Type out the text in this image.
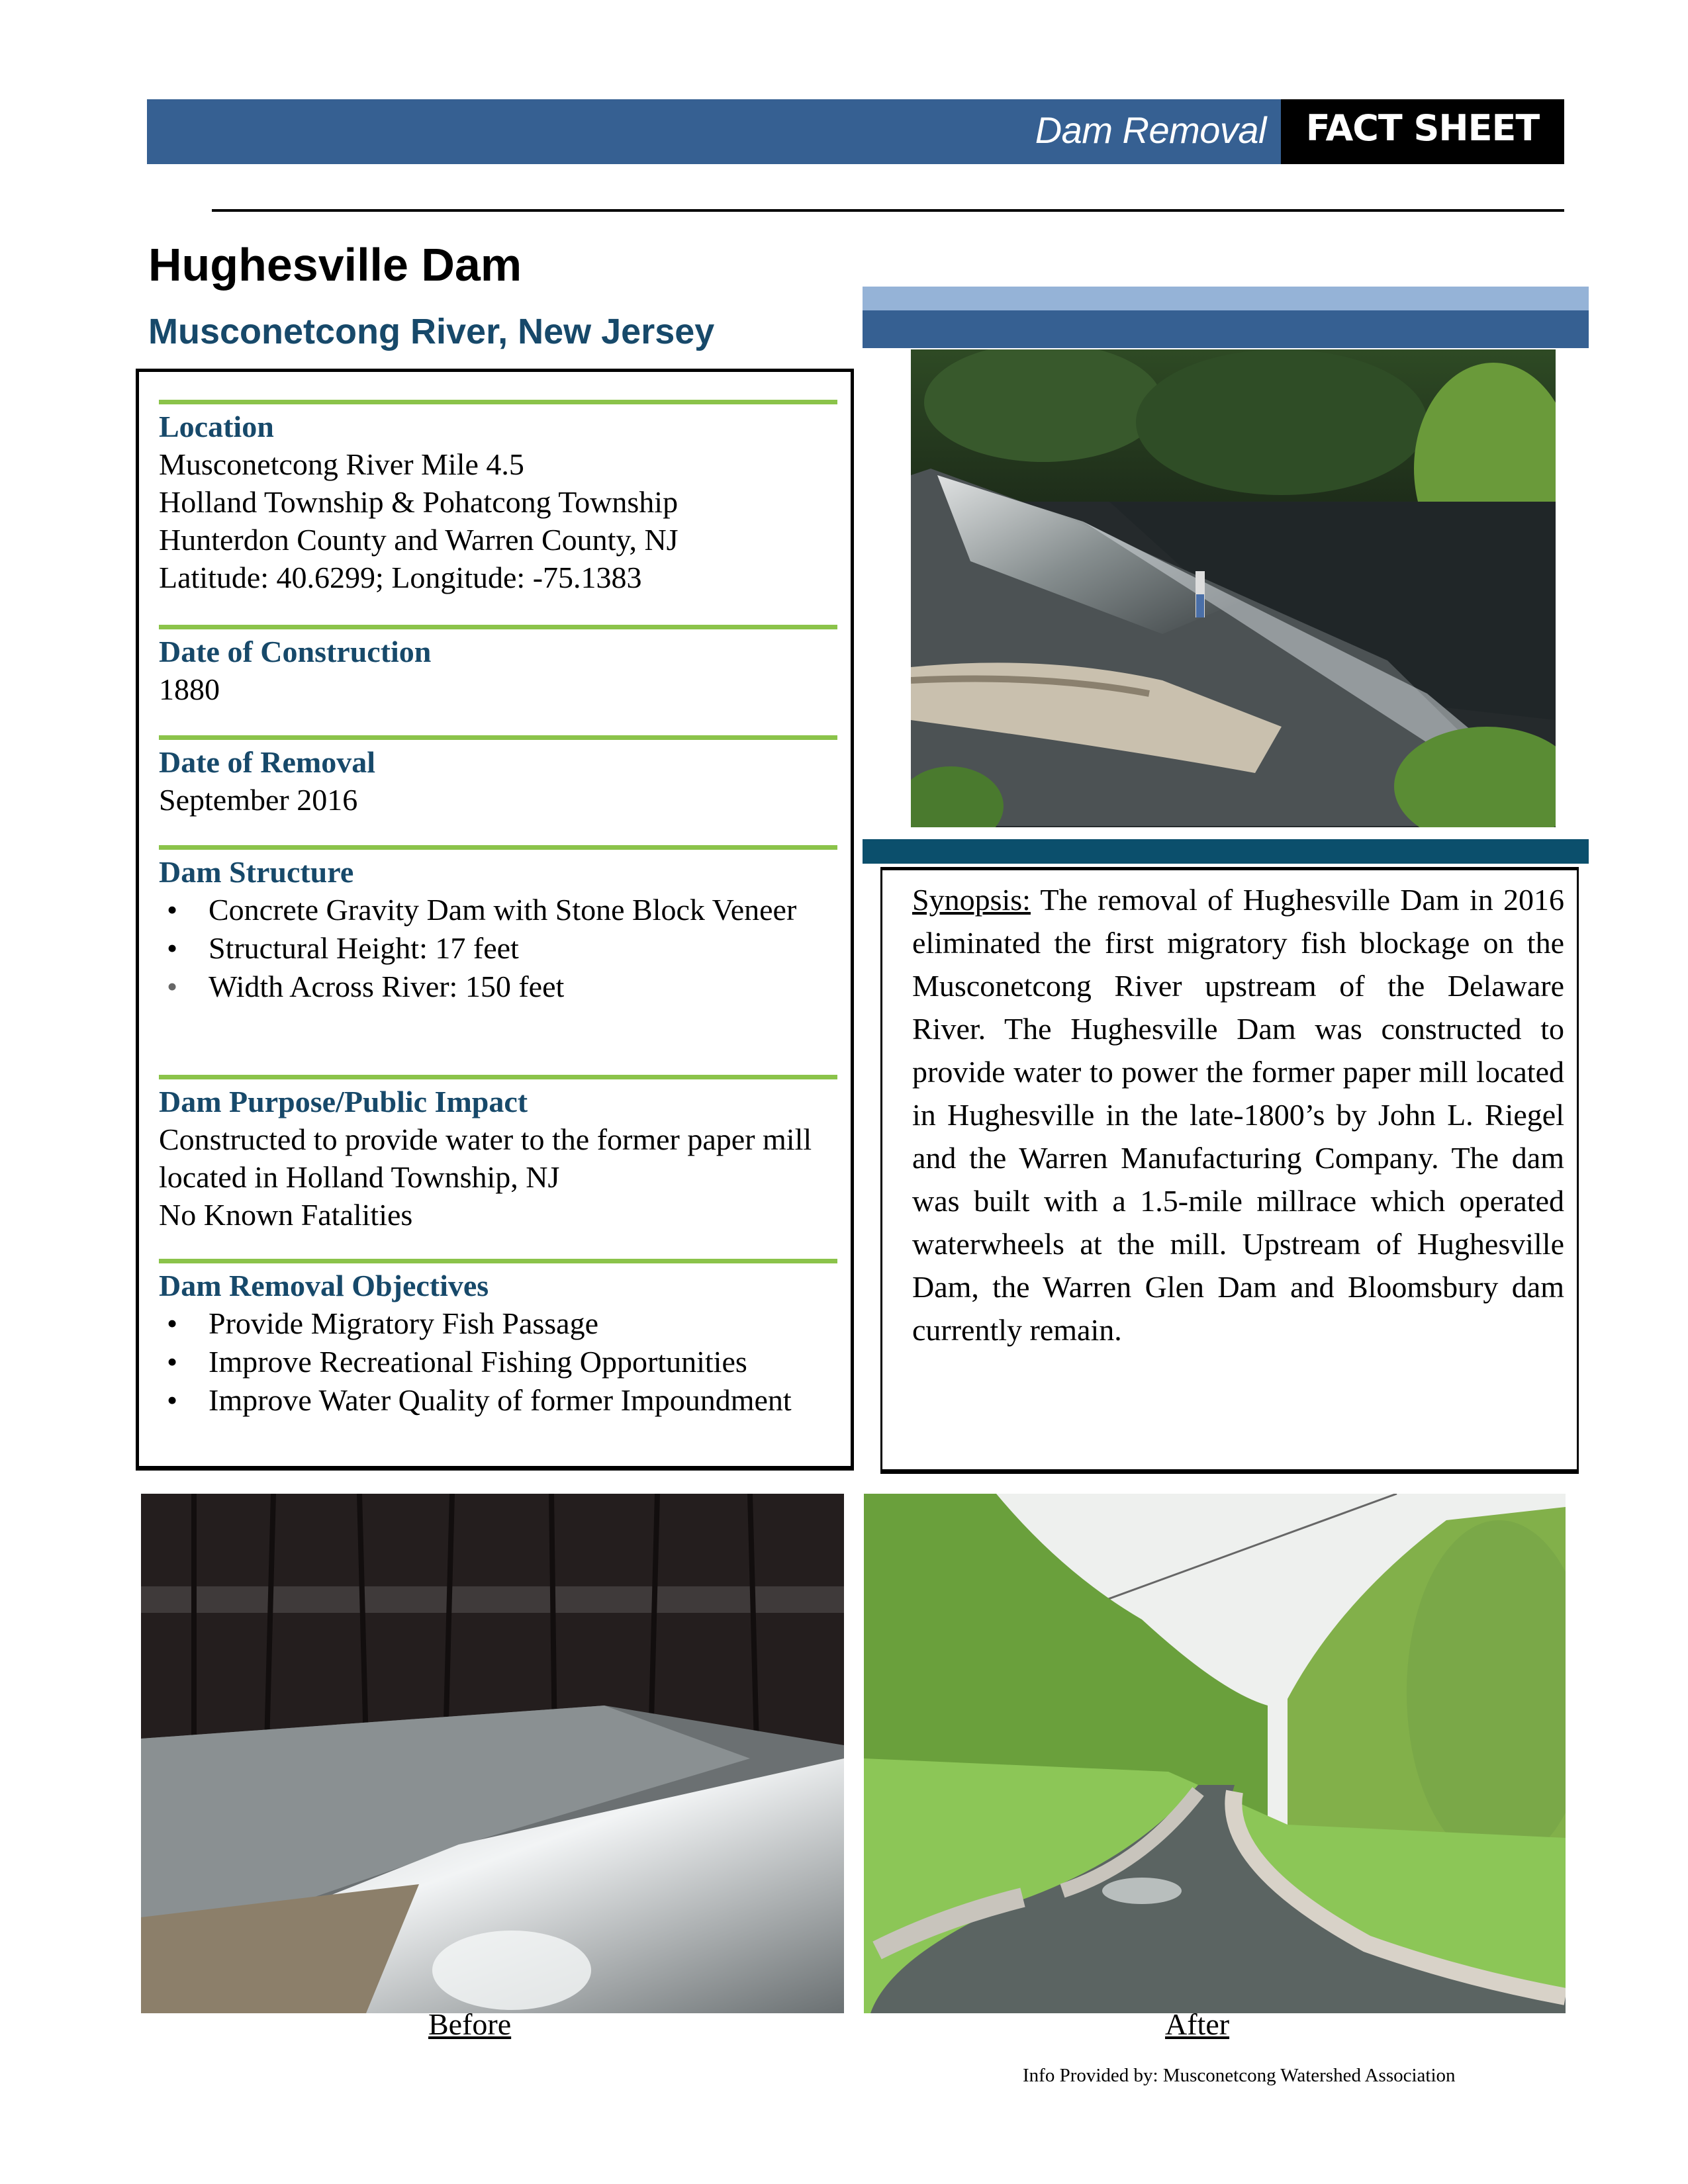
Dam Removal	FACT SHEET
Hughesville Dam
Musconetcong River, New Jersey
Location
Musconetcong River Mile 4.5
Holland Township & Pohatcong Township
Hunterdon County and Warren County, NJ
Latitude: 40.6299; Longitude: -75.1383
Date of Construction
1880
Date of Removal
September 2016
Dam Structure
• Concrete Gravity Dam with Stone Block Veneer
• Structural Height: 17 feet
• Width Across River: 150 feet
Dam Purpose/Public Impact
Constructed to provide water to the former paper mill located in Holland Township, NJ
No Known Fatalities
Dam Removal Objectives
• Provide Migratory Fish Passage
• Improve Recreational Fishing Opportunities
• Improve Water Quality of former Impoundment
Synopsis: The removal of Hughesville Dam in 2016 eliminated the first migratory fish blockage on the Musconetcong River upstream of the Delaware River. The Hughesville Dam was constructed to provide water to power the former paper mill located in Hughesville in the late-1800’s by John L. Riegel and the Warren Manufacturing Company. The dam was built with a 1.5-mile millrace which operated waterwheels at the mill. Upstream of Hughesville Dam, the Warren Glen Dam and Bloomsbury dam currently remain.
Before	After
Info Provided by: Musconetcong Watershed Association
